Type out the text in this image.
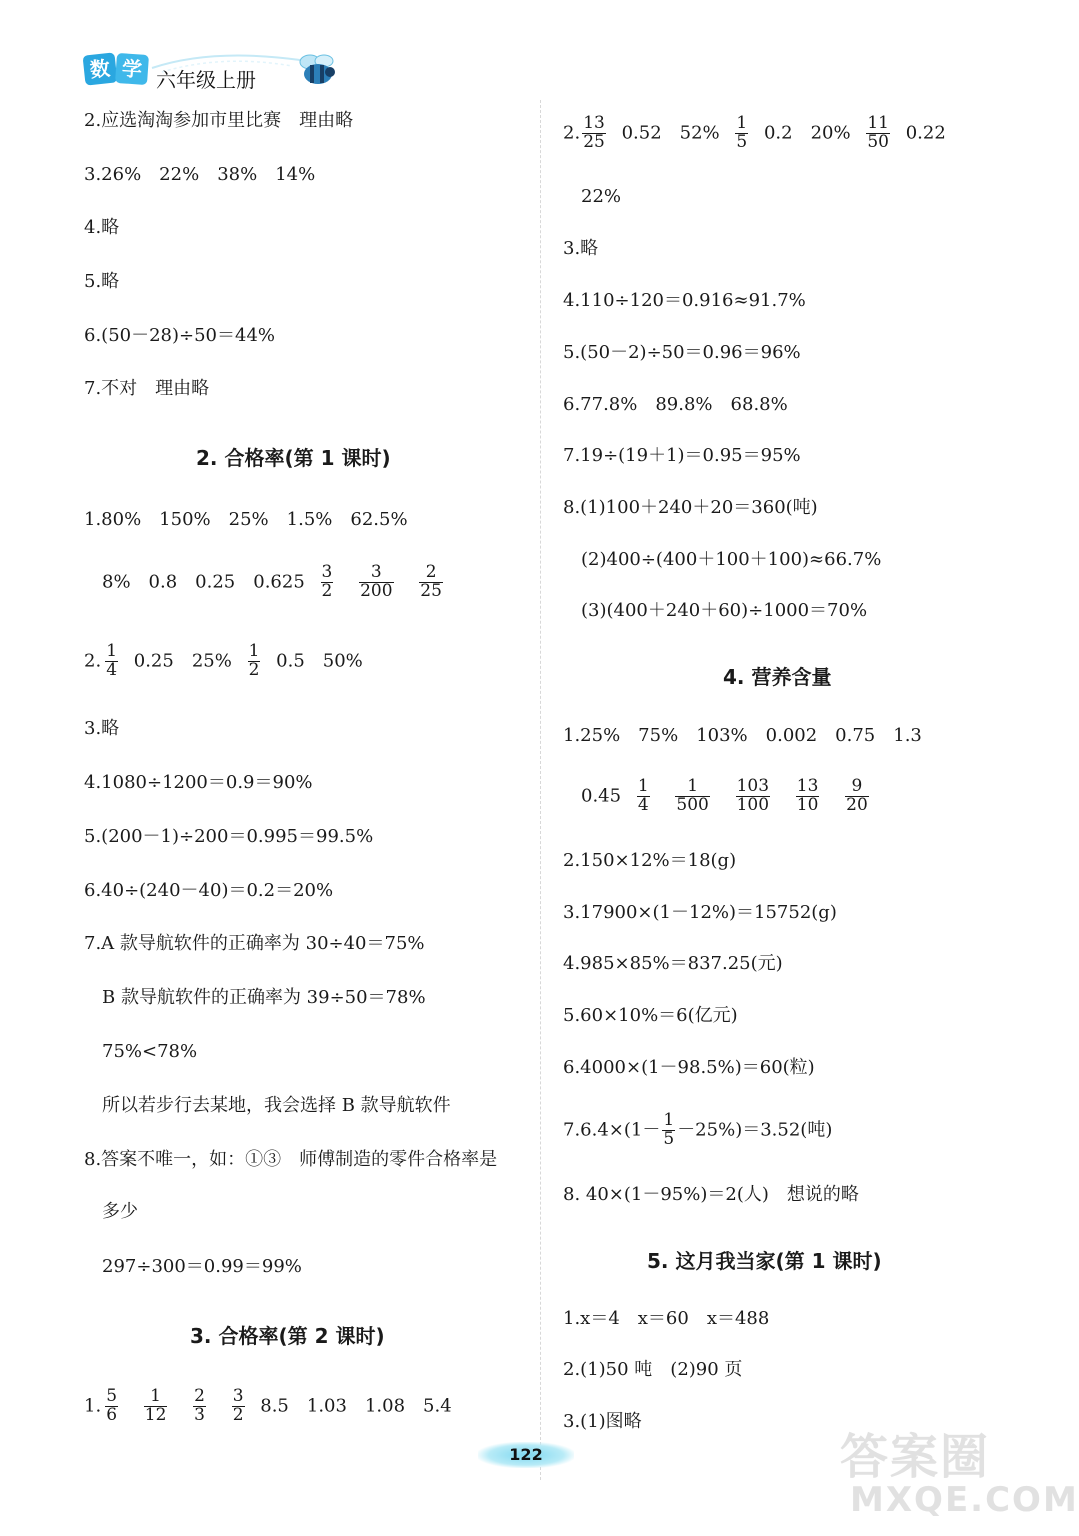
数 学 六年级上册
2.应选淘淘参加市里比赛　理由略
3.26%　22%　38%　14%
4.略
5.略
6.(50－28)÷50＝44%
7.不对　理由略
2. 合格率(第 1 课时)
1.80%　150%　25%　1.5%　62.5%
8%　0.8　0.25　$0.625 \frac{3}{2}$
$\frac{3}{200}$
$\frac{2}{25}$
2. $\frac{1}{4} 0.25$　$25\% \frac{1}{2} 0.5$　50%
3.略
4.1080÷1200＝0.9＝90%
5.(200－1)÷200＝0.995＝99.5%
6.40÷(240－40)＝0.2＝20%
7.A 款导航软件的正确率为 30÷40＝75%
B 款导航软件的正确率为 39÷50＝78%
75%<78%
所以若步行去某地，我会选择 B 款导航软件
8.答案不唯一，如：①③　师傅制造的零件合格率是
多少
297÷300＝0.99＝99%
3. 合格率(第 2 课时)
1. $\frac{5}{6}$
$\frac{1}{12}$
$\frac{2}{3}$
$\frac{3}{2} 8.5$　1.03　1.08　5.4
2. $\frac{13}{25} 0.52$　$52\% \frac{1}{5} 0.2$　$20\% \frac{11}{50} 0.22$
22%
3.略
4.110÷120＝0.916≈91.7%
5.(50－2)÷50＝0.96＝96%
6.77.8%　89.8%　68.8%
7.19÷(19＋1)＝0.95＝95%
8.(1)100＋240＋20＝360(吨)
(2)400÷(400＋100＋100)≈66.7%
(3)(400＋240＋60)÷1000＝70%
4. 营养含量
1.25%　75%　103%　0.002　0.75　1.3
$0.45 \frac{1}{4}$
$\frac{1}{500}$
$\frac{103}{100}$
$\frac{13}{10}$
$\frac{9}{20}$
2.150×12%＝18(g)
3.17900×(1－12%)＝15752(g)
4.985×85%＝837.25(元)
5.60×10%＝6(亿元)
6.4000×(1－98.5%)＝60(粒)
$7.6.4\times(1- \frac{1}{5} -25\%)=3.52$(吨)
8. 40×(1－95%)＝2(人)　想说的略
5. 这月我当家(第 1 课时)
1.x＝4　x＝60　x＝488
2.(1)50 吨　(2)90 页
3.(1)图略
122	答案圈
MXQE.COM
